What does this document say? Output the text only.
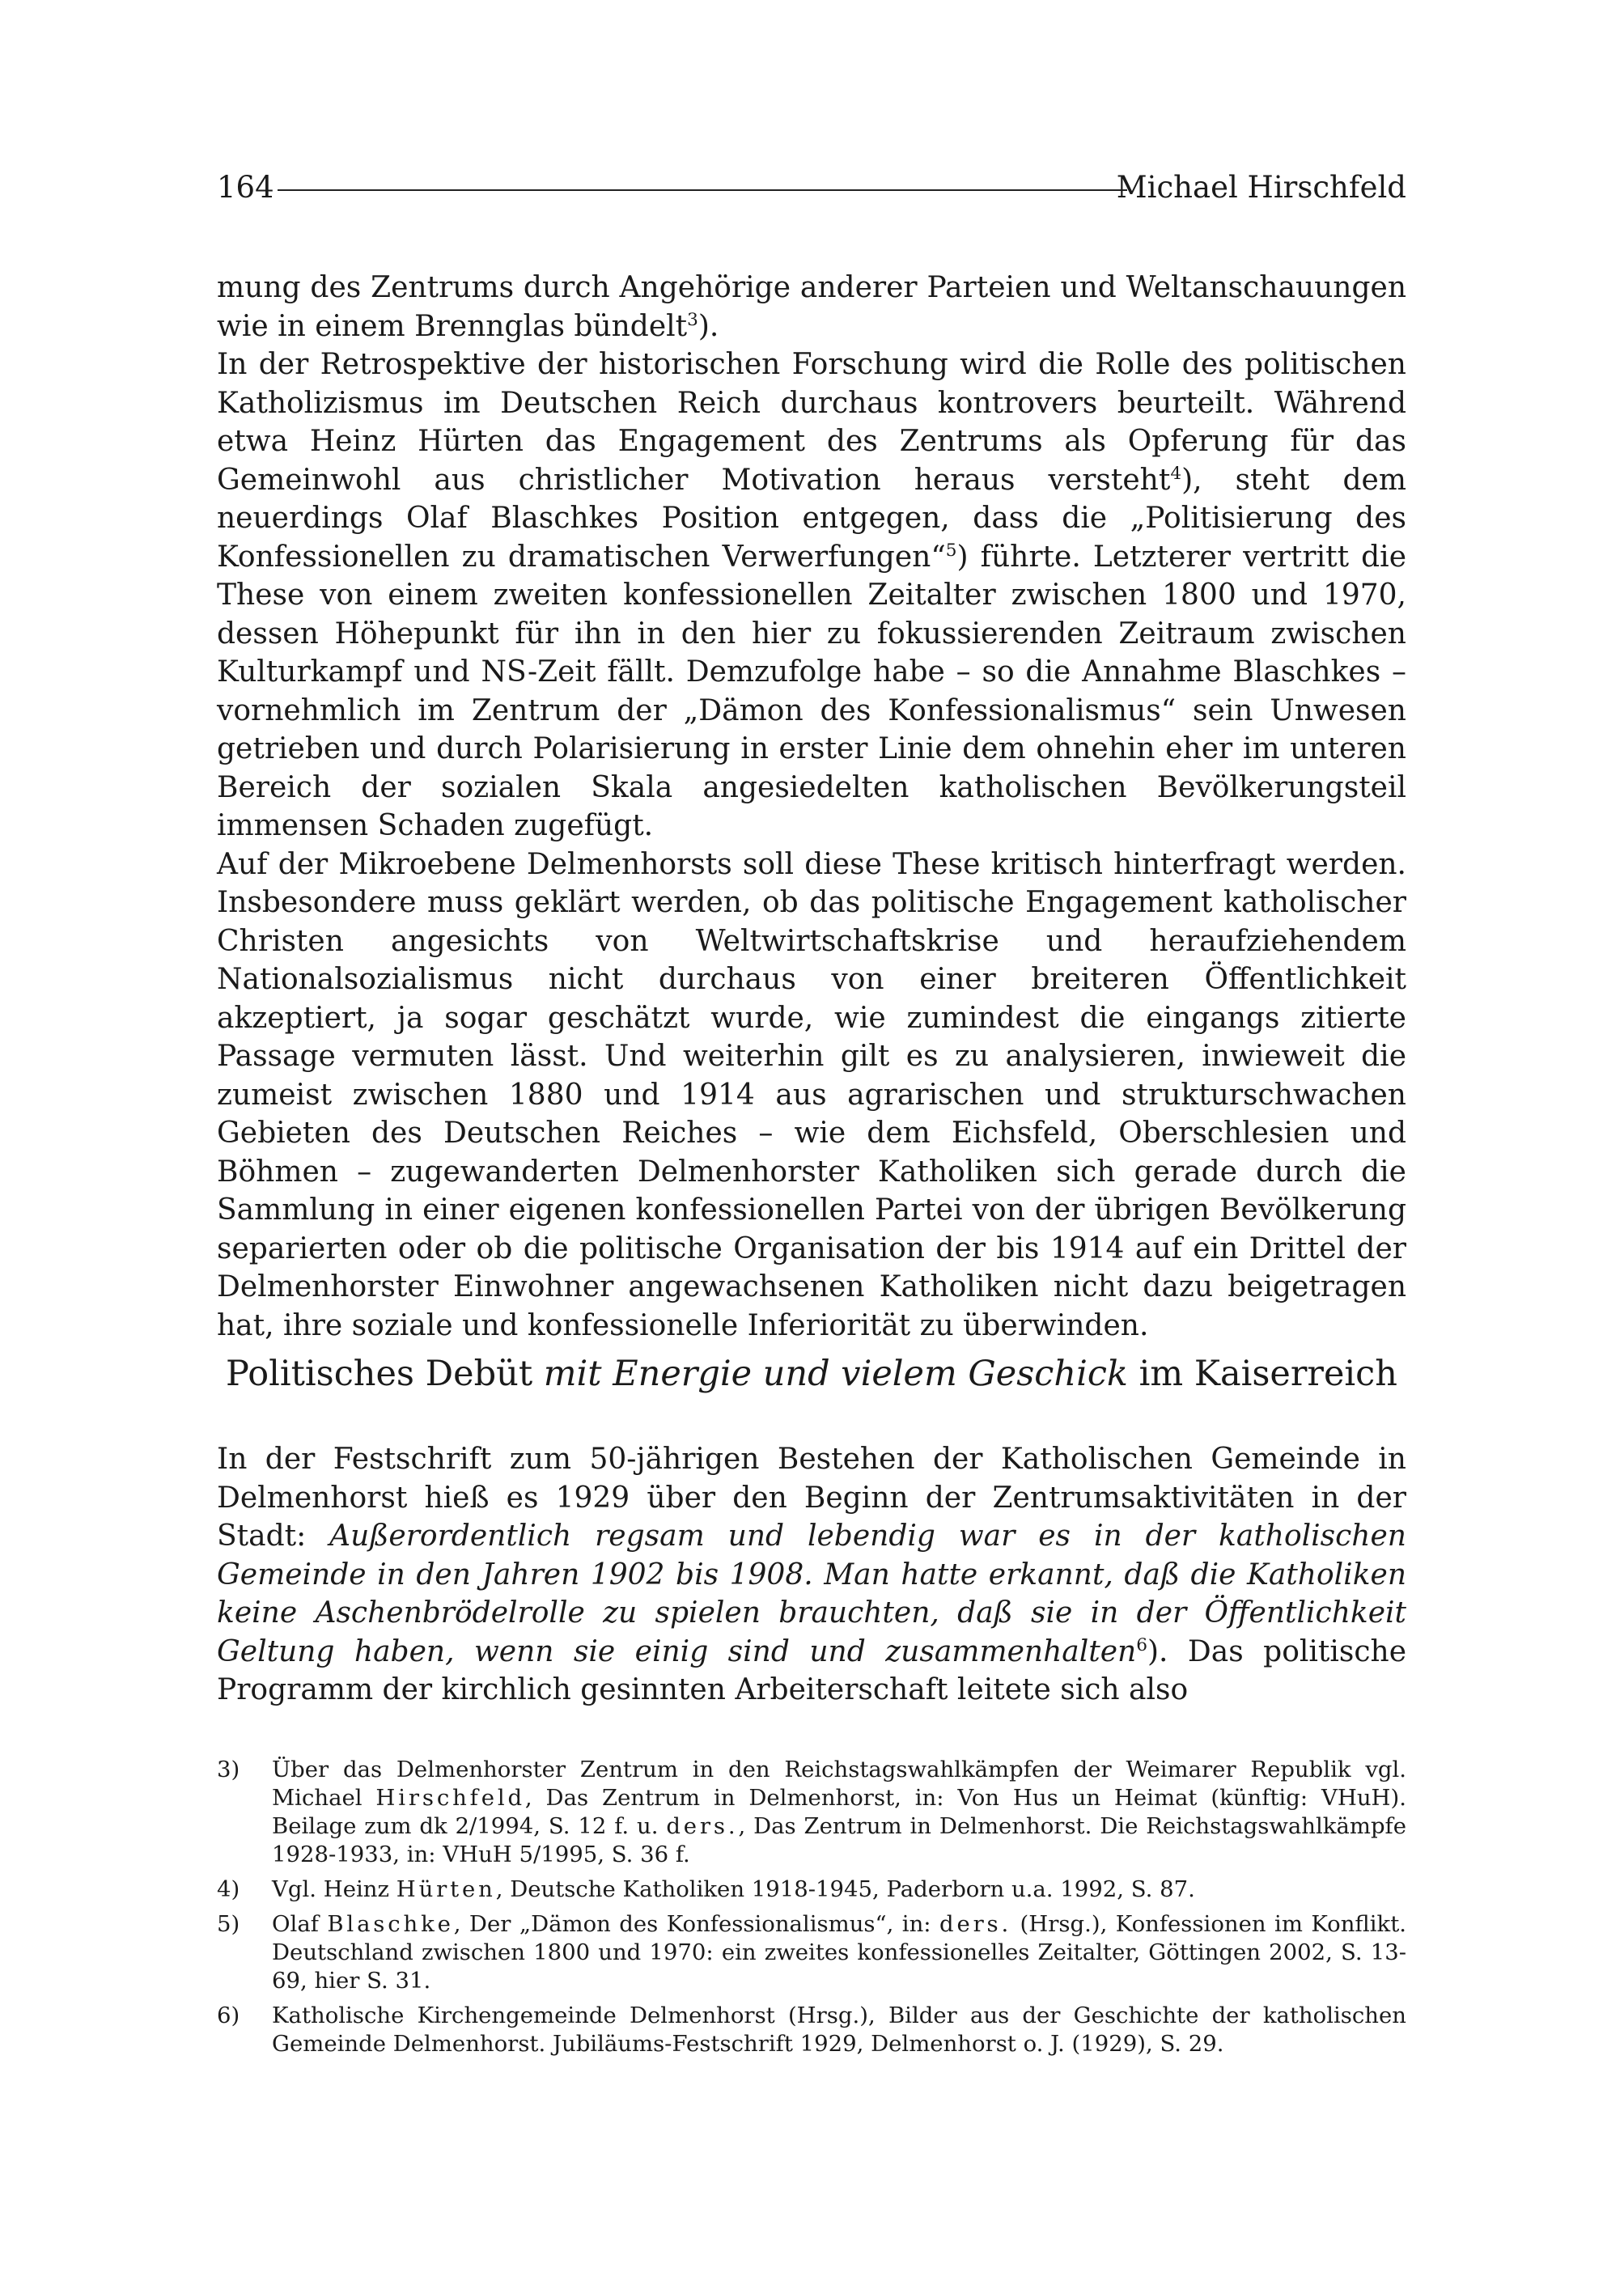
164	Michael Hirschfeld

mung des Zentrums durch Angehörige anderer Parteien und Weltanschauungen wie in einem Brennglas bündelt$^3$).

In der Retrospektive der historischen Forschung wird die Rolle des politischen Katholizismus im Deutschen Reich durchaus kontrovers beurteilt. Während etwa Heinz Hürten das Engagement des Zentrums als Opferung für das Gemeinwohl aus christlicher Motivation heraus versteht$^4$), steht dem neuerdings Olaf Blaschkes Position entgegen, dass die „Politisierung des Konfessionellen zu dramatischen Verwerfungen“$^5$) führte. Letzterer vertritt die These von einem zweiten konfessionellen Zeitalter zwischen 1800 und 1970, dessen Höhepunkt für ihn in den hier zu fokussierenden Zeitraum zwischen Kulturkampf und NS-Zeit fällt. Demzufolge habe – so die Annahme Blaschkes – vornehmlich im Zentrum der „Dämon des Konfessionalismus“ sein Unwesen getrieben und durch Polarisierung in erster Linie dem ohnehin eher im unteren Bereich der sozialen Skala angesiedelten katholischen Bevölkerungsteil immensen Schaden zugefügt.

Auf der Mikroebene Delmenhorsts soll diese These kritisch hinterfragt werden. Insbesondere muss geklärt werden, ob das politische Engagement katholischer Christen angesichts von Weltwirtschaftskrise und heraufziehendem Nationalsozialismus nicht durchaus von einer breiteren Öffentlichkeit akzeptiert, ja sogar geschätzt wurde, wie zumindest die eingangs zitierte Passage vermuten lässt. Und weiterhin gilt es zu analysieren, inwieweit die zumeist zwischen 1880 und 1914 aus agrarischen und strukturschwachen Gebieten des Deutschen Reiches – wie dem Eichsfeld, Oberschlesien und Böhmen – zugewanderten Delmenhorster Katholiken sich gerade durch die Sammlung in einer eigenen konfessionellen Partei von der übrigen Bevölkerung separierten oder ob die politische Organisation der bis 1914 auf ein Drittel der Delmenhorster Einwohner angewachsenen Katholiken nicht dazu beigetragen hat, ihre soziale und konfessionelle Inferiorität zu überwinden.

Politisches Debüt mit Energie und vielem Geschick im Kaiserreich

In der Festschrift zum 50-jährigen Bestehen der Katholischen Gemeinde in Delmenhorst hieß es 1929 über den Beginn der Zentrumsaktivitäten in der Stadt: Außerordentlich regsam und lebendig war es in der katholischen Gemeinde in den Jahren 1902 bis 1908. Man hatte erkannt, daß die Katholiken keine Aschenbrödelrolle zu spielen brauchten, daß sie in der Öffentlichkeit Geltung haben, wenn sie einig sind und zusammenhalten$^6$). Das politische Programm der kirchlich gesinnten Arbeiterschaft leitete sich also

3)	Über das Delmenhorster Zentrum in den Reichstagswahlkämpfen der Weimarer Republik vgl. Michael Hirschfeld, Das Zentrum in Delmenhorst, in: Von Hus un Heimat (künftig: VHuH). Beilage zum dk 2/1994, S. 12 f. u. ders., Das Zentrum in Delmenhorst. Die Reichstagswahlkämpfe 1928-1933, in: VHuH 5/1995, S. 36 f.
4)	Vgl. Heinz Hürten, Deutsche Katholiken 1918-1945, Paderborn u.a. 1992, S. 87.
5)	Olaf Blaschke, Der „Dämon des Konfessionalismus“, in: ders. (Hrsg.), Konfessionen im Konflikt. Deutschland zwischen 1800 und 1970: ein zweites konfessionelles Zeitalter, Göttingen 2002, S. 13-69, hier S. 31.
6)	Katholische Kirchengemeinde Delmenhorst (Hrsg.), Bilder aus der Geschichte der katholischen Gemeinde Delmenhorst. Jubiläums-Festschrift 1929, Delmenhorst o. J. (1929), S. 29.
